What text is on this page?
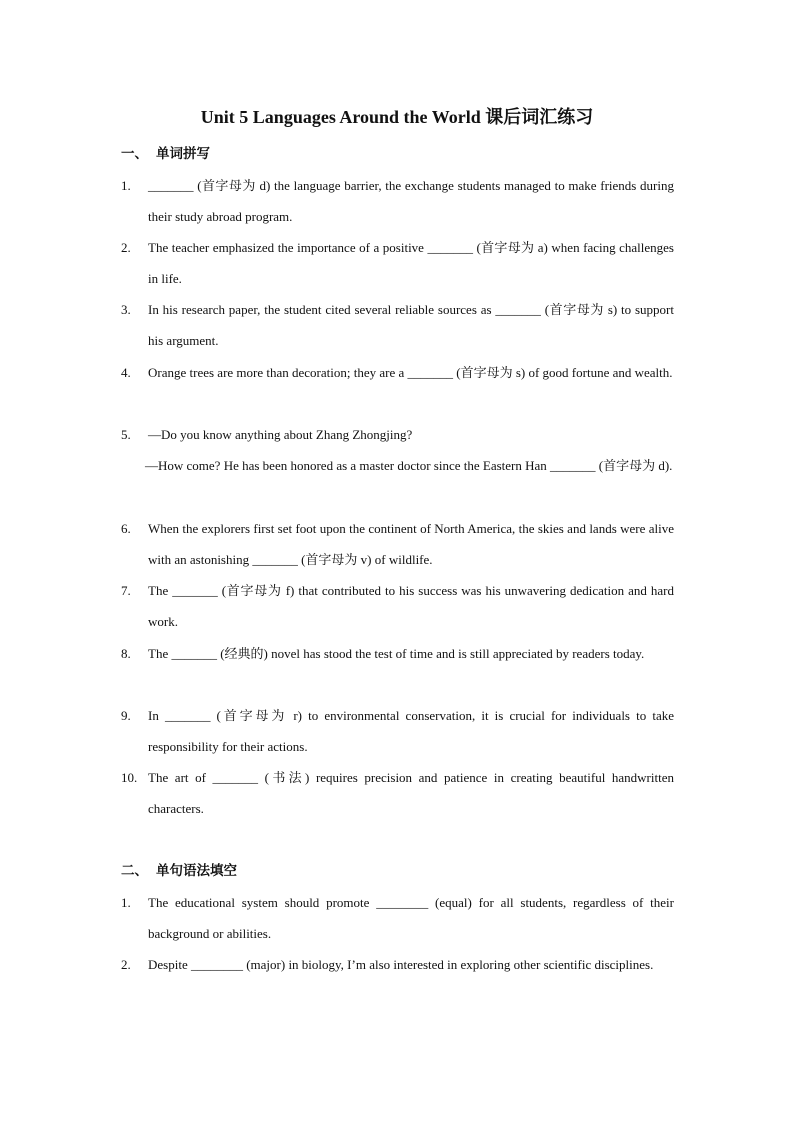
Unit 5 Languages Around the World 课后词汇练习
一、 单词拼写
1. _______ (首字母为 d) the language barrier, the exchange students managed to make friends during their study abroad program.
2. The teacher emphasized the importance of a positive _______ (首字母为 a) when facing challenges in life.
3. In his research paper, the student cited several reliable sources as _______ (首字母为 s) to support his argument.
4. Orange trees are more than decoration; they are a _______ (首字母为 s) of good fortune and wealth.
5. —Do you know anything about Zhang Zhongjing?
—How come? He has been honored as a master doctor since the Eastern Han _______ (首字母为 d).
6. When the explorers first set foot upon the continent of North America, the skies and lands were alive with an astonishing _______ (首字母为 v) of wildlife.
7. The _______ (首字母为 f) that contributed to his success was his unwavering dedication and hard work.
8. The _______ (经典的) novel has stood the test of time and is still appreciated by readers today.
9. In _______ (首字母为 r) to environmental conservation, it is crucial for individuals to take responsibility for their actions.
10. The art of _______ (书法) requires precision and patience in creating beautiful handwritten characters.
二、 单句语法填空
1. The educational system should promote ________ (equal) for all students, regardless of their background or abilities.
2. Despite ________ (major) in biology, I’m also interested in exploring other scientific disciplines.
